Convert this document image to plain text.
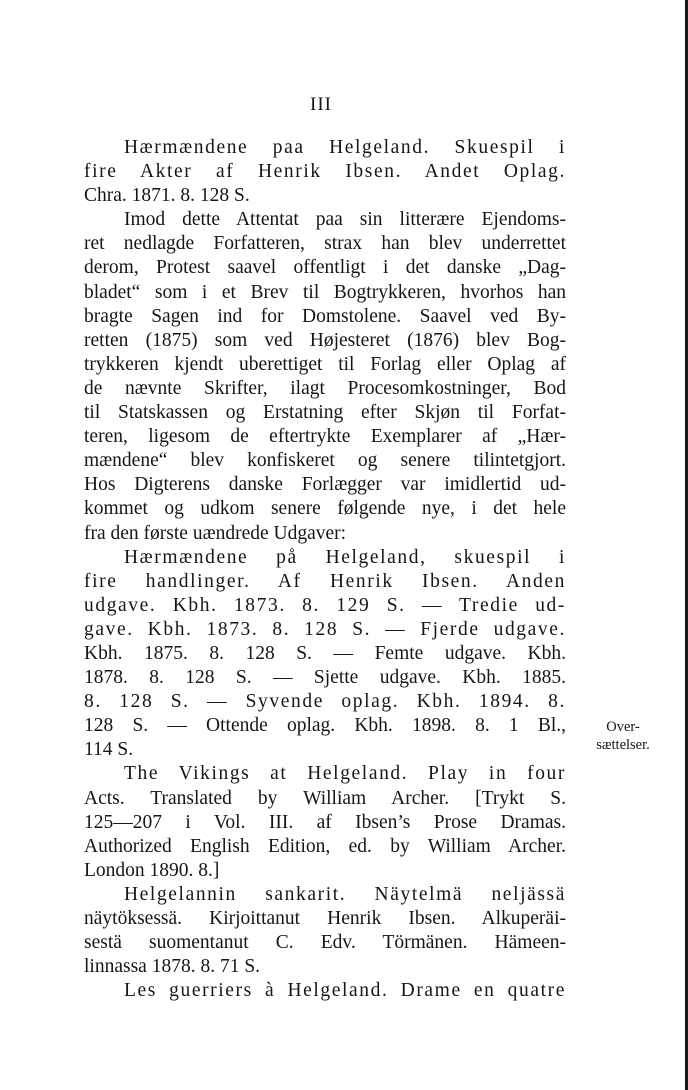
III
Hærmændene paa Helgeland. Skuespil i
fire Akter af Henrik Ibsen. Andet Oplag.
Chra. 1871. 8. 128 S.
Imod dette Attentat paa sin litterære Ejendoms-
ret nedlagde Forfatteren, strax han blev underrettet
derom, Protest saavel offentligt i det danske „Dag-
bladet“ som i et Brev til Bogtrykkeren, hvorhos han
bragte Sagen ind for Domstolene. Saavel ved By-
retten (1875) som ved Højesteret (1876) blev Bog-
trykkeren kjendt uberettiget til Forlag eller Oplag af
de nævnte Skrifter, ilagt Procesomkostninger, Bod
til Statskassen og Erstatning efter Skjøn til Forfat-
teren, ligesom de eftertrykte Exemplarer af „Hær-
mændene“ blev konfiskeret og senere tilintetgjort.
Hos Digterens danske Forlægger var imidlertid ud-
kommet og udkom senere følgende nye, i det hele
fra den første uændrede Udgaver:
Hærmændene på Helgeland, skuespil i
fire handlinger. Af Henrik Ibsen. Anden
udgave. Kbh. 1873. 8. 129 S. — Tredie ud-
gave. Kbh. 1873. 8. 128 S. — Fjerde udgave.
Kbh. 1875. 8. 128 S. — Femte udgave. Kbh.
1878. 8. 128 S. — Sjette udgave. Kbh. 1885.
8. 128 S. — Syvende oplag. Kbh. 1894. 8.
128 S. — Ottende oplag. Kbh. 1898. 8. 1 Bl.,
114 S.
The Vikings at Helgeland. Play in four
Acts. Translated by William Archer. [Trykt S.
125—207 i Vol. III. af Ibsen’s Prose Dramas.
Authorized English Edition, ed. by William Archer.
London 1890. 8.]
Helgelannin sankarit. Näytelmä neljässä
näytöksessä. Kirjoittanut Henrik Ibsen. Alkuperäi-
sestä suomentanut C. Edv. Törmänen. Hämeen-
linnassa 1878. 8. 71 S.
Les guerriers à Helgeland. Drame en quatre
Over-
sættelser.
